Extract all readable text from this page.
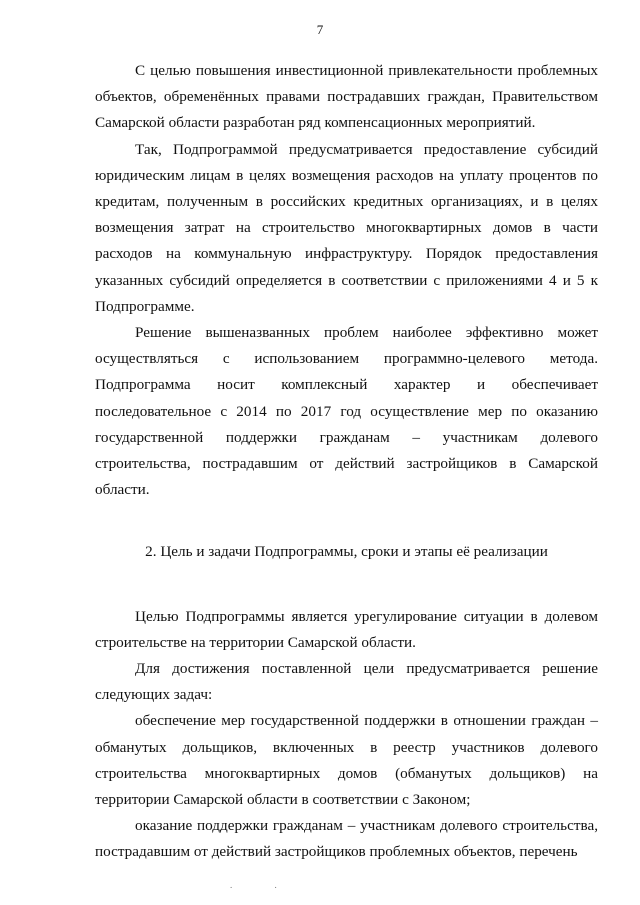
7

С целью повышения инвестиционной привлекательности проблемных объектов, обременённых правами пострадавших граждан, Правительством Самарской области разработан ряд компенсационных мероприятий.

Так, Подпрограммой предусматривается предоставление субсидий юридическим лицам в целях возмещения расходов на уплату процентов по кредитам, полученным в российских кредитных организациях, и в целях возмещения затрат на строительство многоквартирных домов в части расходов на коммунальную инфраструктуру. Порядок предоставления указанных субсидий определяется в соответствии с приложениями 4 и 5 к Подпрограмме.

Решение вышеназванных проблем наиболее эффективно может осуществляться с использованием программно-целевого метода. Подпрограмма носит комплексный характер и обеспечивает последовательное с 2014 по 2017 год осуществление мер по оказанию государственной поддержки гражданам – участникам долевого строительства, пострадавшим от действий застройщиков в Самарской области.

2. Цель и задачи Подпрограммы, сроки и этапы её реализации

Целью Подпрограммы является урегулирование ситуации в долевом строительстве на территории Самарской области.

Для достижения поставленной цели предусматривается решение следующих задач:

обеспечение мер государственной поддержки в отношении граждан – обманутых дольщиков, включенных в реестр участников долевого строительства многоквартирных домов (обманутых дольщиков) на территории Самарской области в соответствии с Законом;

оказание поддержки гражданам – участникам долевого строительства, пострадавшим от действий застройщиков проблемных объектов, перечень

. .
